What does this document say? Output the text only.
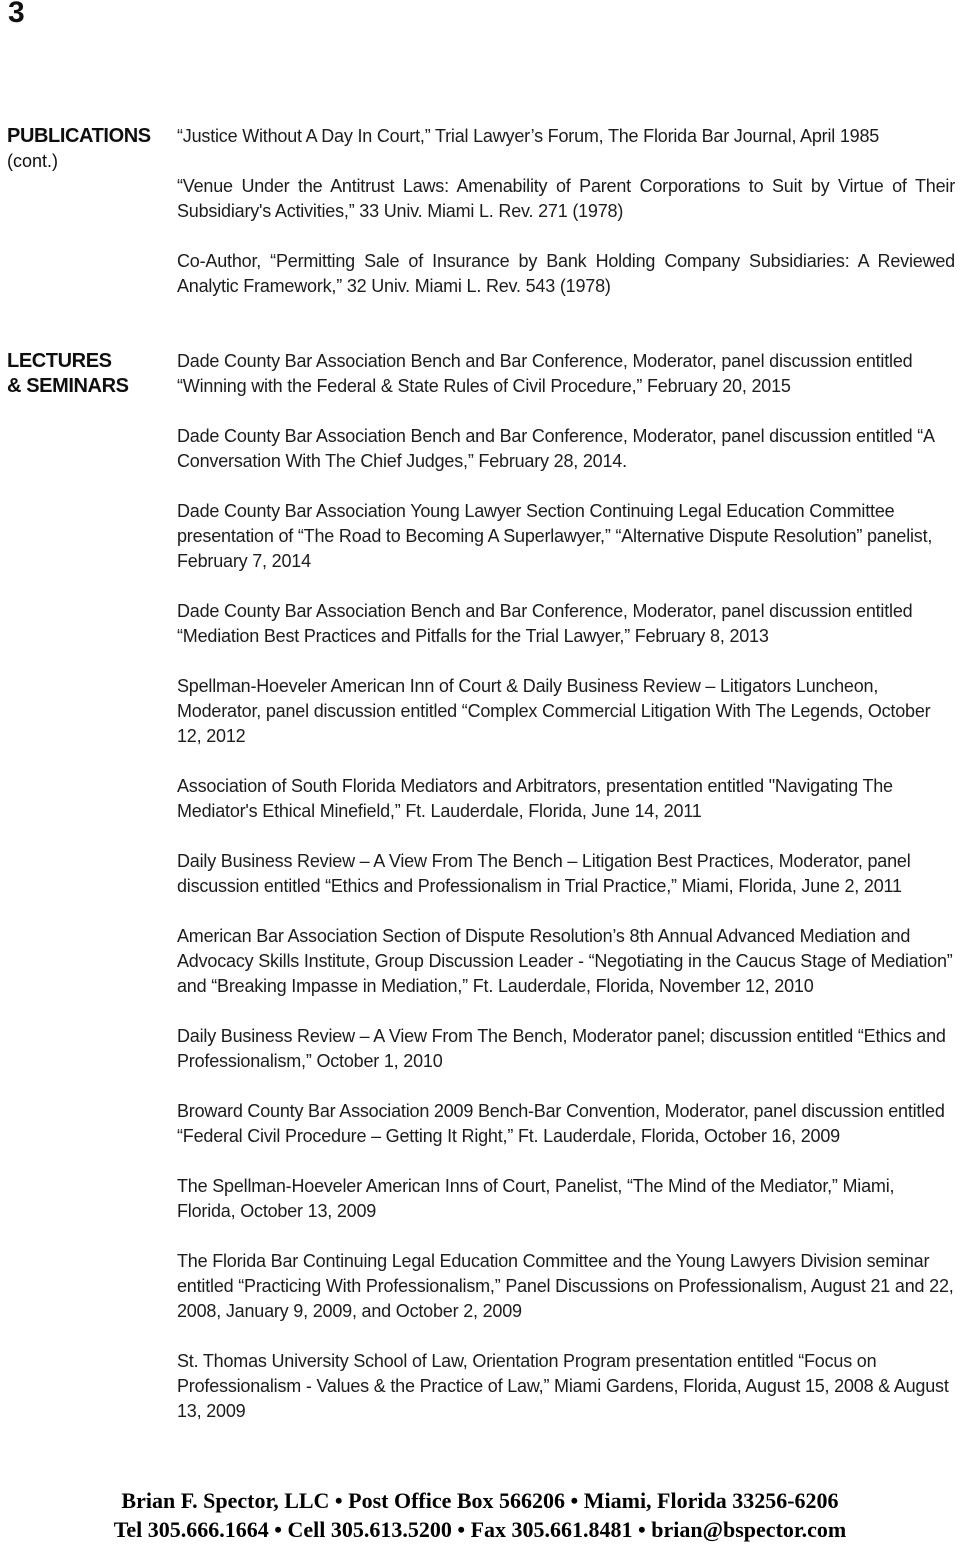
3
PUBLICATIONS
(cont.)

“Justice Without A Day In Court,” Trial Lawyer’s Forum, The Florida Bar Journal, April 1985

“Venue Under the Antitrust Laws: Amenability of Parent Corporations to Suit by Virtue of Their Subsidiary's Activities,” 33 Univ. Miami L. Rev. 271 (1978)

Co-Author, “Permitting Sale of Insurance by Bank Holding Company Subsidiaries: A Reviewed Analytic Framework,” 32 Univ. Miami L. Rev. 543 (1978)

LECTURES
& SEMINARS

Dade County Bar Association Bench and Bar Conference, Moderator, panel discussion entitled “Winning with the Federal & State Rules of Civil Procedure,” February 20, 2015

Dade County Bar Association Bench and Bar Conference, Moderator, panel discussion entitled “A Conversation With The Chief Judges,” February 28, 2014.

Dade County Bar Association Young Lawyer Section Continuing Legal Education Committee presentation of “The Road to Becoming A Superlawyer,” “Alternative Dispute Resolution” panelist, February 7, 2014

Dade County Bar Association Bench and Bar Conference, Moderator, panel discussion entitled “Mediation Best Practices and Pitfalls for the Trial Lawyer,” February 8, 2013

Spellman-Hoeveler American Inn of Court & Daily Business Review – Litigators Luncheon, Moderator, panel discussion entitled “Complex Commercial Litigation With The Legends, October 12, 2012

Association of South Florida Mediators and Arbitrators, presentation entitled "Navigating The Mediator's Ethical Minefield,” Ft. Lauderdale, Florida, June 14, 2011

Daily Business Review – A View From The Bench – Litigation Best Practices, Moderator, panel discussion entitled “Ethics and Professionalism in Trial Practice,” Miami, Florida, June 2, 2011

American Bar Association Section of Dispute Resolution’s 8th Annual Advanced Mediation and Advocacy Skills Institute, Group Discussion Leader - “Negotiating in the Caucus Stage of Mediation” and “Breaking Impasse in Mediation,” Ft. Lauderdale, Florida, November 12, 2010

Daily Business Review – A View From The Bench, Moderator panel; discussion entitled “Ethics and Professionalism,” October 1, 2010

Broward County Bar Association 2009 Bench-Bar Convention, Moderator, panel discussion entitled “Federal Civil Procedure – Getting It Right,” Ft. Lauderdale, Florida, October 16, 2009

The Spellman-Hoeveler American Inns of Court, Panelist, “The Mind of the Mediator,” Miami, Florida, October 13, 2009

The Florida Bar Continuing Legal Education Committee and the Young Lawyers Division seminar entitled “Practicing With Professionalism,” Panel Discussions on Professionalism, August 21 and 22, 2008, January 9, 2009, and October 2, 2009

St. Thomas University School of Law, Orientation Program presentation entitled “Focus on Professionalism - Values & the Practice of Law,” Miami Gardens, Florida, August 15, 2008 & August 13, 2009

Brian F. Spector, LLC • Post Office Box 566206 • Miami, Florida 33256-6206
Tel 305.666.1664 • Cell 305.613.5200 • Fax 305.661.8481 • brian@bspector.com
